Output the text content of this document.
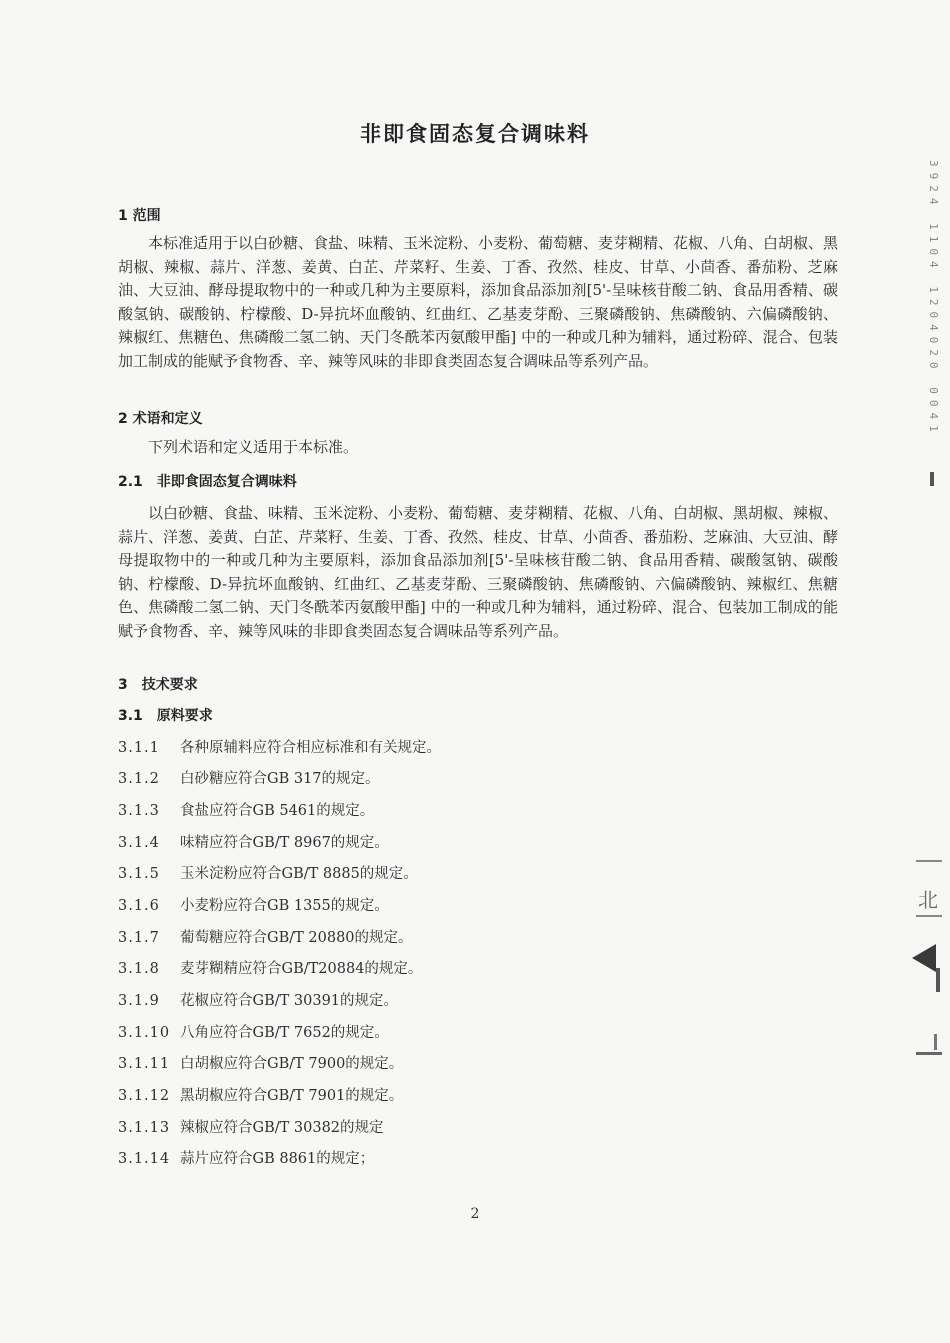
非即食固态复合调味料
1 范围
本标准适用于以白砂糖、食盐、味精、玉米淀粉、小麦粉、葡萄糖、麦芽糊精、花椒、八角、白胡椒、黑胡椒、辣椒、蒜片、洋葱、姜黄、白芷、芹菜籽、生姜、丁香、孜然、桂皮、甘草、小茴香、番茄粉、芝麻油、大豆油、酵母提取物中的一种或几种为主要原料，添加食品添加剂[5'-呈味核苷酸二钠、食品用香精、碳酸氢钠、碳酸钠、柠檬酸、D-异抗坏血酸钠、红曲红、乙基麦芽酚、三聚磷酸钠、焦磷酸钠、六偏磷酸钠、辣椒红、焦糖色、焦磷酸二氢二钠、天门冬酰苯丙氨酸甲酯] 中的一种或几种为辅料，通过粉碎、混合、包装加工制成的能赋予食物香、辛、辣等风味的非即食类固态复合调味品等系列产品。
2 术语和定义
下列术语和定义适用于本标准。
2.1　非即食固态复合调味料
以白砂糖、食盐、味精、玉米淀粉、小麦粉、葡萄糖、麦芽糊精、花椒、八角、白胡椒、黑胡椒、辣椒、蒜片、洋葱、姜黄、白芷、芹菜籽、生姜、丁香、孜然、桂皮、甘草、小茴香、番茄粉、芝麻油、大豆油、酵母提取物中的一种或几种为主要原料，添加食品添加剂[5'-呈味核苷酸二钠、食品用香精、碳酸氢钠、碳酸钠、柠檬酸、D-异抗坏血酸钠、红曲红、乙基麦芽酚、三聚磷酸钠、焦磷酸钠、六偏磷酸钠、辣椒红、焦糖色、焦磷酸二氢二钠、天门冬酰苯丙氨酸甲酯] 中的一种或几种为辅料，通过粉碎、混合、包装加工制成的能赋予食物香、辛、辣等风味的非即食类固态复合调味品等系列产品。
3　技术要求
3.1　原料要求
3.1.1 各种原辅料应符合相应标准和有关规定。
3.1.2 白砂糖应符合GB 317的规定。
3.1.3 食盐应符合GB 5461的规定。
3.1.4 味精应符合GB/T 8967的规定。
3.1.5 玉米淀粉应符合GB/T 8885的规定。
3.1.6 小麦粉应符合GB 1355的规定。
3.1.7 葡萄糖应符合GB/T 20880的规定。
3.1.8 麦芽糊精应符合GB/T20884的规定。
3.1.9 花椒应符合GB/T 30391的规定。
3.1.10 八角应符合GB/T 7652的规定。
3.1.11 白胡椒应符合GB/T 7900的规定。
3.1.12 黑胡椒应符合GB/T 7901的规定。
3.1.13 辣椒应符合GB/T 30382的规定
3.1.14 蒜片应符合GB 8861的规定；
2
3924 1104 1204020 0041
北
